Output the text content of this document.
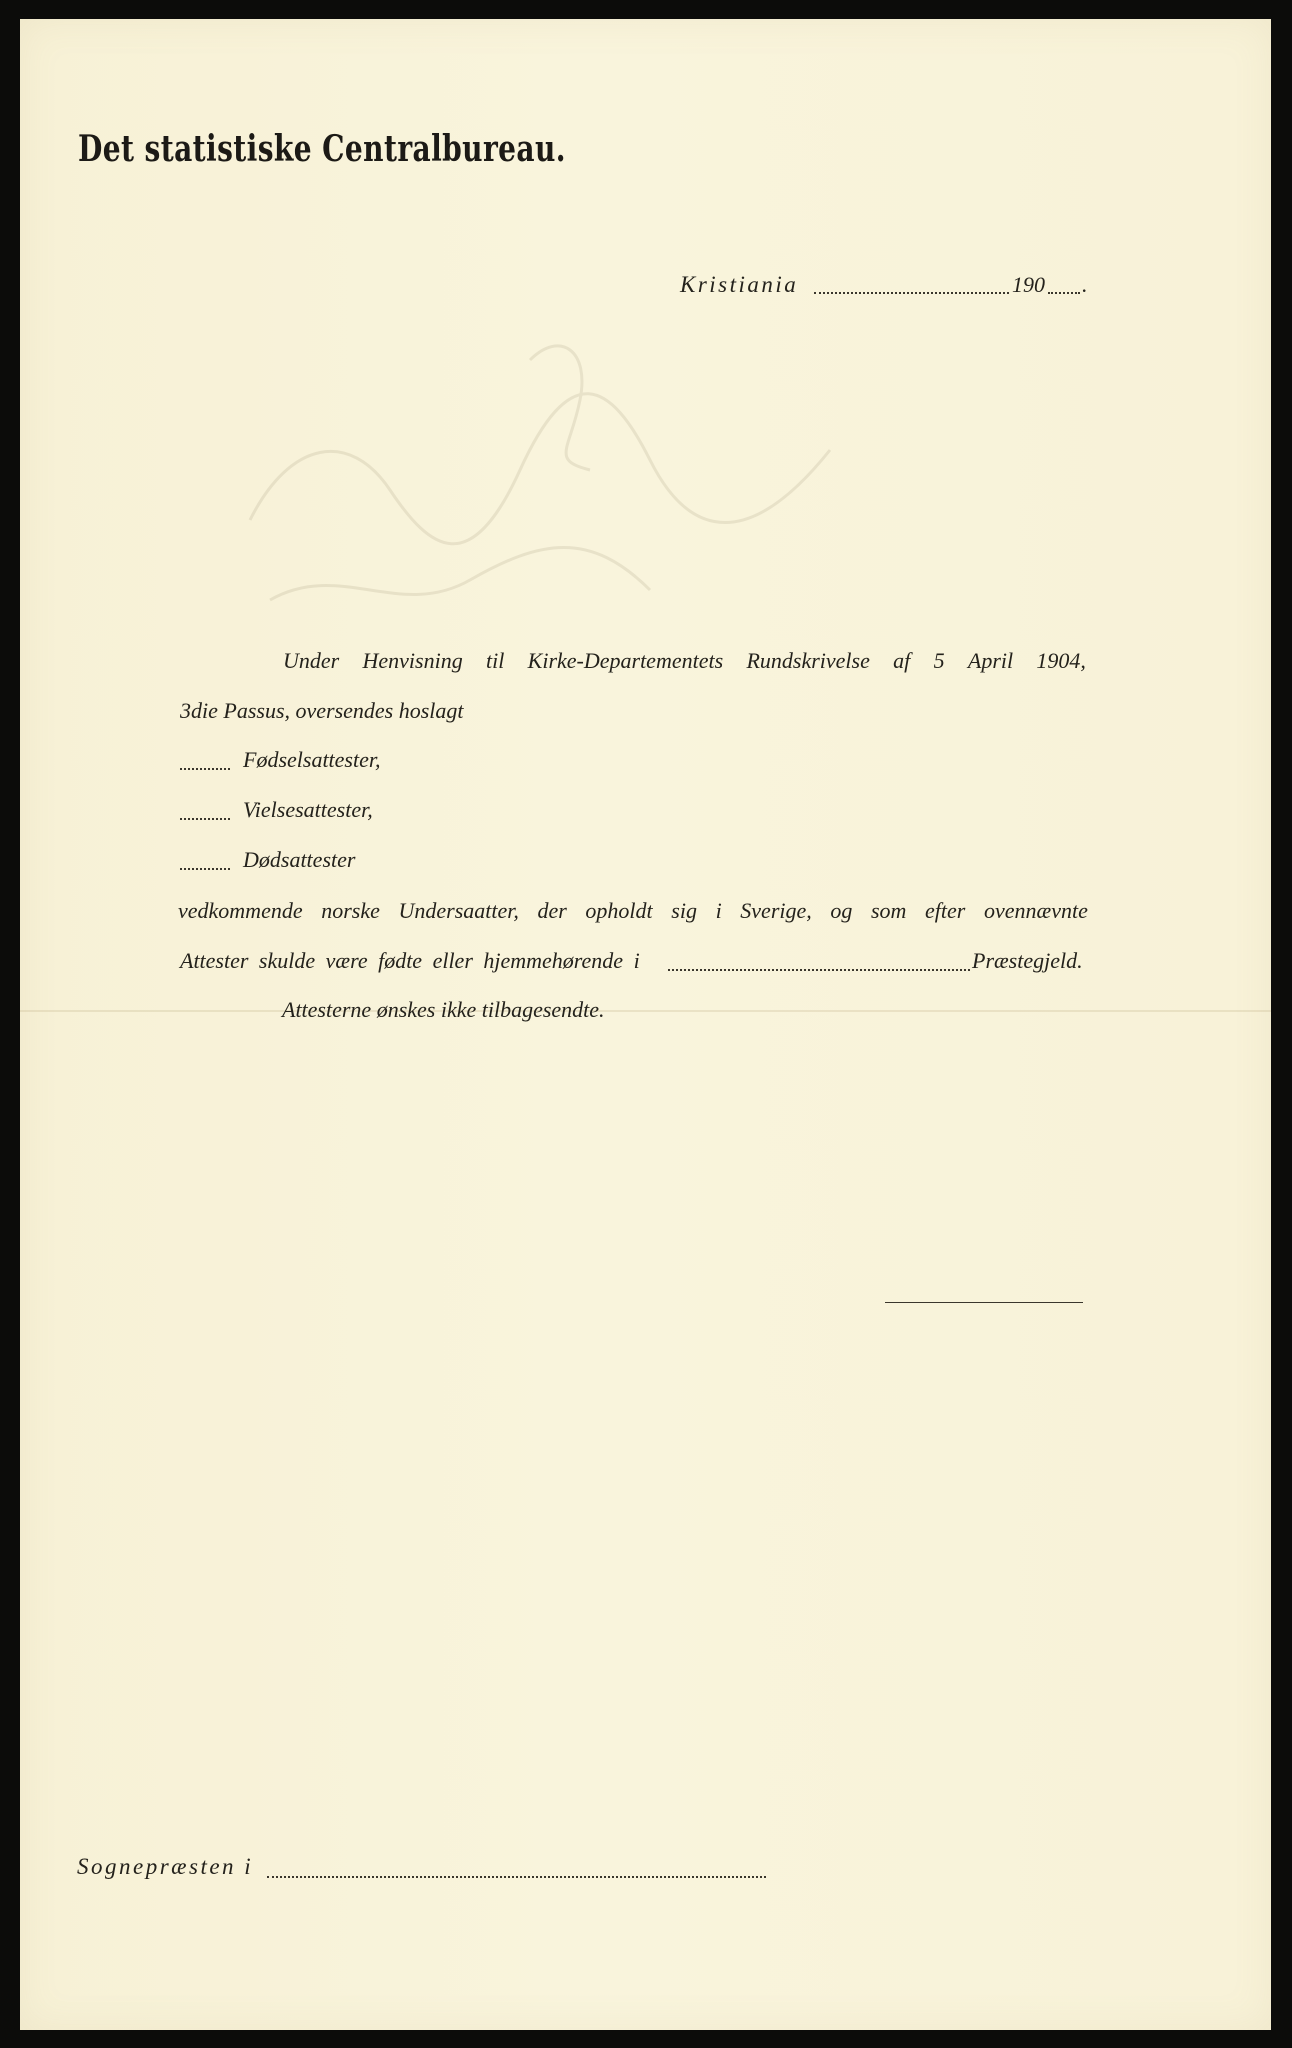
Det statistiske Centralbureau.
Kristiania	190 .
Under Henvisning til Kirke-Departementets Rundskrivelse af 5 April 1904,
3die Passus, oversendes hoslagt
Fødselsattester,
Vielsesattester,
Dødsattester
vedkommende norske Undersaatter, der opholdt sig i Sverige, og som efter ovennævnte
Attester skulde være fødte eller hjemmehørende i	Præstegjeld.
Attesterne ønskes ikke tilbagesendte.
Sognepræsten i
